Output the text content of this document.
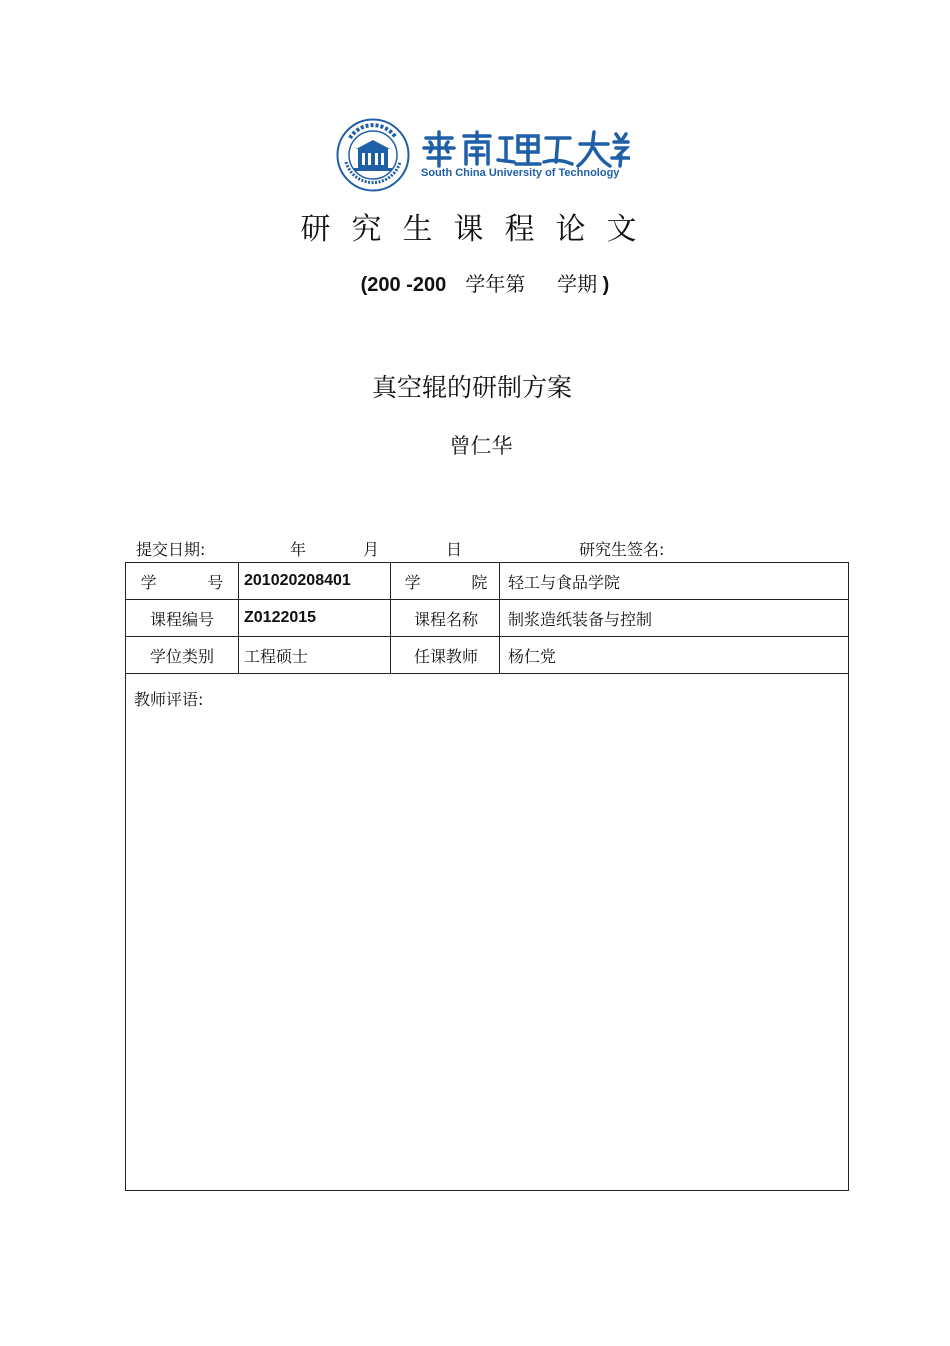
South China University of Technology
研究生课程论文
(200 -200   学年第     学期 )
真空辊的研制方案
曾仁华
提交日期:	年	月	日	研究生签名:
学          号	201020208401	学          院	轻工与食品学院
课程编号	Z0122015	课程名称	制浆造纸装备与控制
学位类别	工程硕士	任课教师	杨仁党
教师评语:
